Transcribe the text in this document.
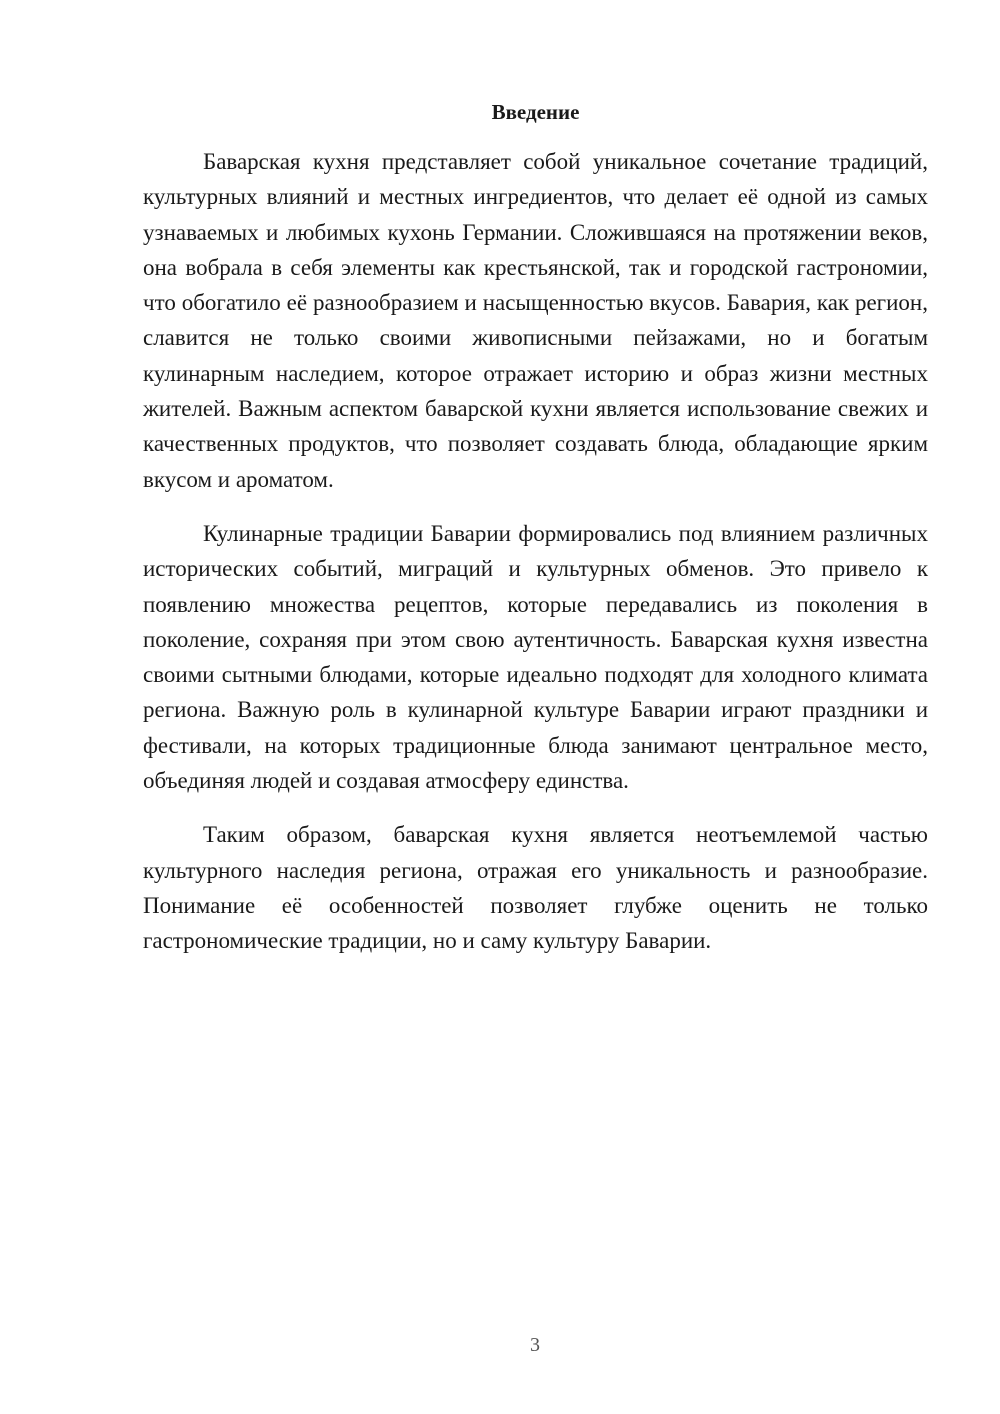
Введение

Баварская кухня представляет собой уникальное сочетание традиций, культурных влияний и местных ингредиентов, что делает её одной из самых узнаваемых и любимых кухонь Германии. Сложившаяся на протяжении веков, она вобрала в себя элементы как крестьянской, так и городской гастрономии, что обогатило её разнообразием и насыщенностью вкусов. Бавария, как регион, славится не только своими живописными пейзажами, но и богатым кулинарным наследием, которое отражает историю и образ жизни местных жителей. Важным аспектом баварской кухни является использование свежих и качественных продуктов, что позволяет создавать блюда, обладающие ярким вкусом и ароматом.

Кулинарные традиции Баварии формировались под влиянием различных исторических событий, миграций и культурных обменов. Это привело к появлению множества рецептов, которые передавались из поколения в поколение, сохраняя при этом свою аутентичность. Баварская кухня известна своими сытными блюдами, которые идеально подходят для холодного климата региона. Важную роль в кулинарной культуре Баварии играют праздники и фестивали, на которых традиционные блюда занимают центральное место, объединяя людей и создавая атмосферу единства.

Таким образом, баварская кухня является неотъемлемой частью культурного наследия региона, отражая его уникальность и разнообразие. Понимание её особенностей позволяет глубже оценить не только гастрономические традиции, но и саму культуру Баварии.

3
